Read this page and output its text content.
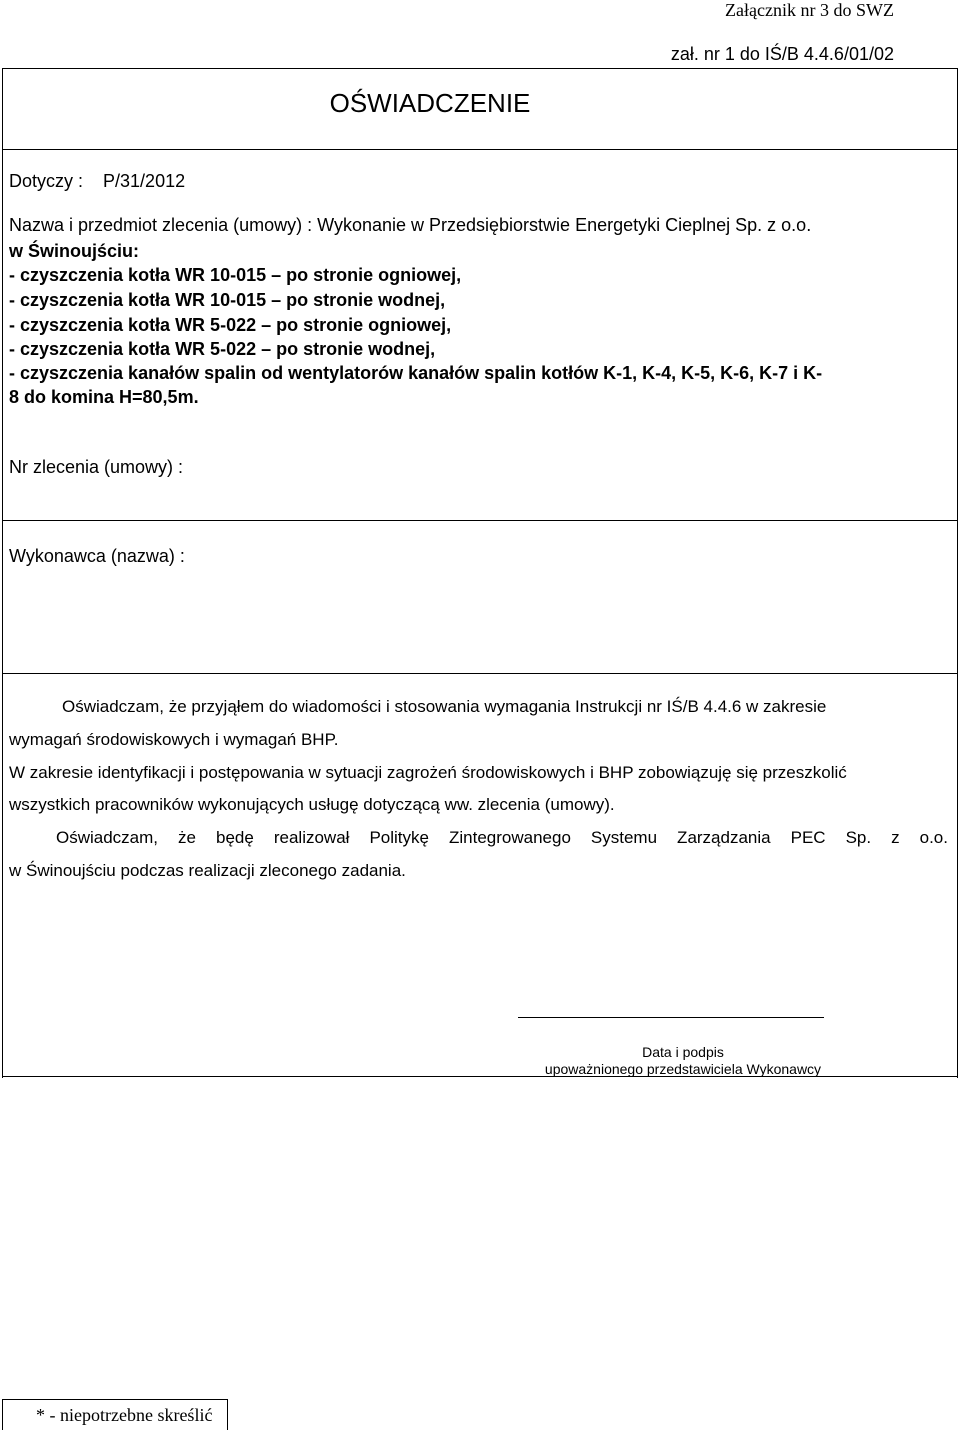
Załącznik nr 3 do SWZ
zał. nr 1 do IŚ/B 4.4.6/01/02
OŚWIADCZENIE
Dotyczy : P/31/2012
Nazwa i przedmiot zlecenia (umowy) : Wykonanie w Przedsiębiorstwie Energetyki Cieplnej Sp. z o.o.
w Świnoujściu:
- czyszczenia kotła WR 10-015 – po stronie ogniowej,
- czyszczenia kotła WR 10-015 – po stronie wodnej,
- czyszczenia kotła WR 5-022 – po stronie ogniowej,
- czyszczenia kotła WR 5-022 – po stronie wodnej,
- czyszczenia kanałów spalin od wentylatorów kanałów spalin kotłów K-1, K-4, K-5, K-6, K-7 i K-
8 do komina H=80,5m.
Nr zlecenia (umowy) :
Wykonawca (nazwa) :
Oświadczam, że przyjąłem do wiadomości i stosowania wymagania Instrukcji nr IŚ/B 4.4.6 w zakresie
wymagań środowiskowych i wymagań BHP.
W zakresie identyfikacji i postępowania w sytuacji zagrożeń środowiskowych i BHP zobowiązuję się przeszkolić
wszystkich pracowników wykonujących usługę dotyczącą ww. zlecenia (umowy).
Oświadczam, że będę realizował Politykę Zintegrowanego Systemu Zarządzania PEC Sp. z o.o.
w Świnoujściu podczas realizacji zleconego zadania.
Data i podpis
upoważnionego przedstawiciela Wykonawcy
* - niepotrzebne skreślić
